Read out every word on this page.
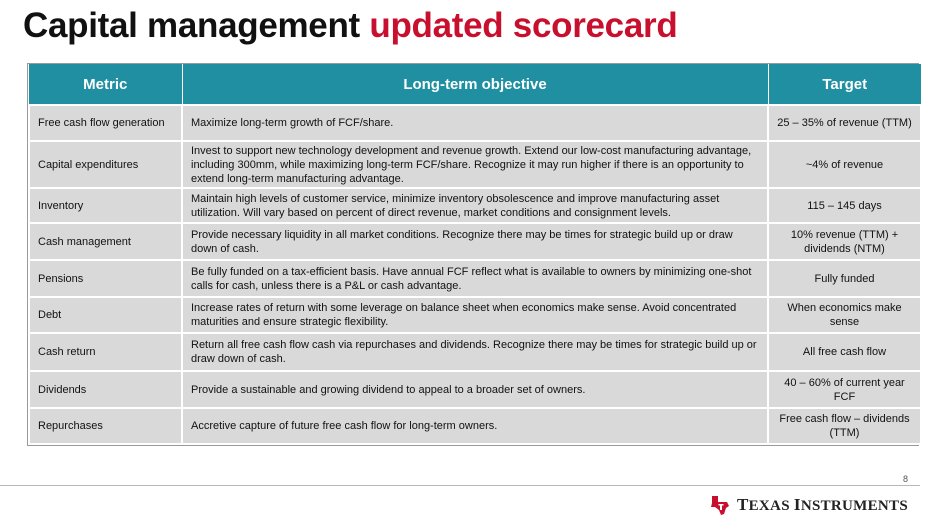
Capital management updated scorecard
Metric	Long-term objective	Target
Free cash flow generation	Maximize long-term growth of FCF/share.	25 – 35% of revenue (TTM)
Capital expenditures	Invest to support new technology development and revenue growth. Extend our low-cost manufacturing advantage, including 300mm, while maximizing long-term FCF/share. Recognize it may run higher if there is an opportunity to extend long-term manufacturing advantage.	~4% of revenue
Inventory	Maintain high levels of customer service, minimize inventory obsolescence and improve manufacturing asset utilization. Will vary based on percent of direct revenue, market conditions and consignment levels.	115 – 145 days
Cash management	Provide necessary liquidity in all market conditions. Recognize there may be times for strategic build up or draw down of cash.	10% revenue (TTM) + dividends (NTM)
Pensions	Be fully funded on a tax-efficient basis. Have annual FCF reflect what is available to owners by minimizing one-shot calls for cash, unless there is a P&L or cash advantage.	Fully funded
Debt	Increase rates of return with some leverage on balance sheet when economics make sense. Avoid concentrated maturities and ensure strategic flexibility.	When economics make sense
Cash return	Return all free cash flow cash via repurchases and dividends. Recognize there may be times for strategic build up or draw down of cash.	All free cash flow
Dividends	Provide a sustainable and growing dividend to appeal to a broader set of owners.	40 – 60% of current year FCF
Repurchases	Accretive capture of future free cash flow for long-term owners.	Free cash flow – dividends (TTM)
8
TEXAS INSTRUMENTS
